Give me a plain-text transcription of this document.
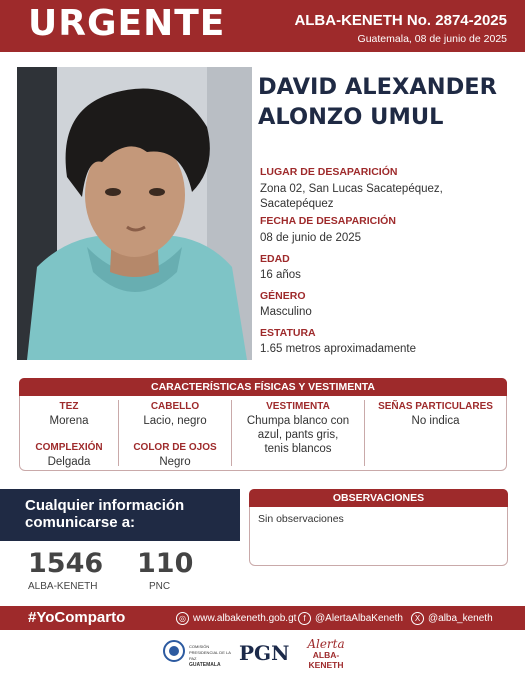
URGENTE	ALBA-KENETH No. 2874-2025
Guatemala, 08 de junio de 2025
DAVID ALEXANDER
ALONZO UMUL
LUGAR DE DESAPARICIÓN
Zona 02, San Lucas Sacatepéquez,
Sacatepéquez
FECHA DE DESAPARICIÓN
08 de junio de 2025
EDAD
16 años
GÉNERO
Masculino
ESTATURA
1.65 metros aproximadamente
CARACTERÍSTICAS FÍSICAS Y VESTIMENTA
TEZ
Morena
COMPLEXIÓN
Delgada
CABELLO
Lacio, negro
COLOR DE OJOS
Negro
VESTIMENTA
Chumpa blanco con
azul, pants gris,
tenis blancos
SEÑAS PARTICULARES
No indica
Cualquier información
comunicarse a:
1546
ALBA-KENETH
110
PNC
OBSERVACIONES
Sin observaciones
#YoComparto	◎ www.albakeneth.gob.gt f @AlertaAlbaKeneth	X @alba_keneth
COMISIÓN PRESIDENCIAL DE LA PAZ
GUATEMALA PGN	Alerta
ALBA-KENETH
